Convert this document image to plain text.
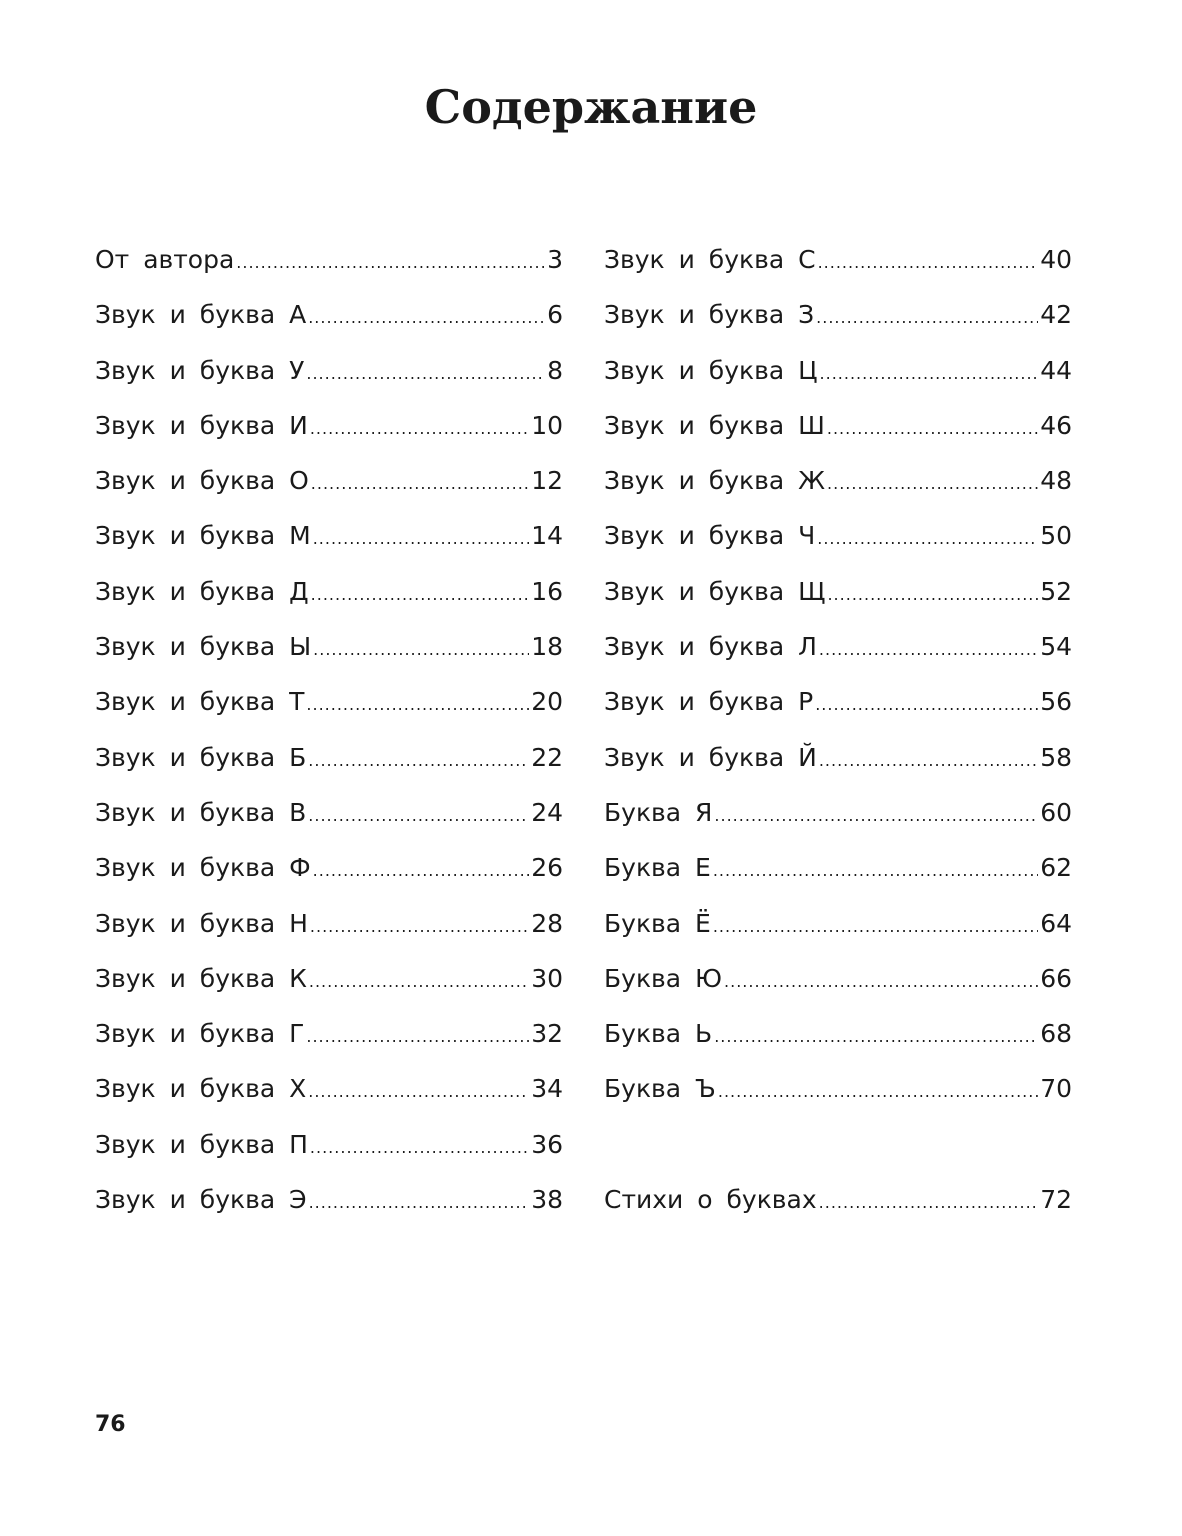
Содержание
От автора .....	3
Звук и буква А .....	6
Звук и буква У .....	8
Звук и буква И .....	10
Звук и буква О .....	12
Звук и буква М .....	14
Звук и буква Д .....	16
Звук и буква Ы .....	18
Звук и буква Т .....	20
Звук и буква Б .....	22
Звук и буква В .....	24
Звук и буква Ф .....	26
Звук и буква Н .....	28
Звук и буква К .....	30
Звук и буква Г .....	32
Звук и буква Х .....	34
Звук и буква П .....	36
Звук и буква Э .....	38
Звук и буква С .....	40
Звук и буква З .....	42
Звук и буква Ц .....	44
Звук и буква Ш .....	46
Звук и буква Ж .....	48
Звук и буква Ч .....	50
Звук и буква Щ .....	52
Звук и буква Л .....	54
Звук и буква Р .....	56
Звук и буква Й .....	58
Буква Я .....	60
Буква Е .....	62
Буква Ё .....	64
Буква Ю .....	66
Буква Ь .....	68
Буква Ъ .....	70
Стихи о буквах .....	72
76
